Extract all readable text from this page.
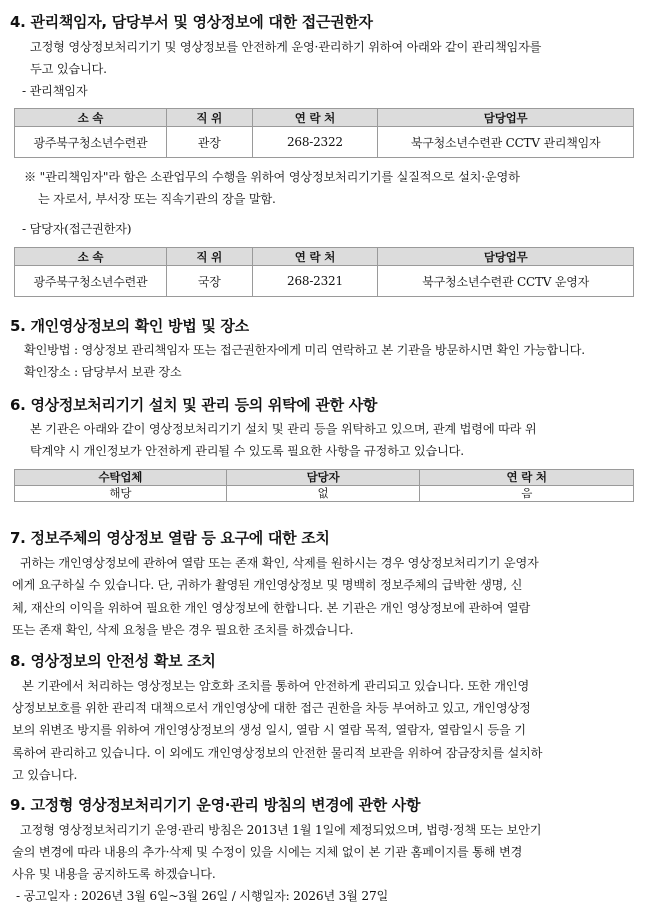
4. 관리책임자, 담당부서 및 영상정보에 대한 접근권한자
고정형 영상정보처리기기 및 영상정보를 안전하게 운영·관리하기 위하여 아래와 같이 관리책임자를
두고 있습니다.
- 관리책임자
소 속	직 위	연 락 처	담당업무
광주북구청소년수련관	관장	268-2322	북구청소년수련관 CCTV 관리책임자
※ "관리책임자"라 함은 소관업무의 수행을 위하여 영상정보처리기기를 실질적으로 설치·운영하
는 자로서, 부서장 또는 직속기관의 장을 말함.
- 담당자(접근권한자)
소 속	직 위	연 락 처	담당업무
광주북구청소년수련관	국장	268-2321	북구청소년수련관 CCTV 운영자
5. 개인영상정보의 확인 방법 및 장소
확인방법 : 영상정보 관리책임자 또는 접근권한자에게 미리 연락하고 본 기관을 방문하시면 확인 가능합니다.
확인장소 : 담당부서 보관 장소
6. 영상정보처리기기 설치 및 관리 등의 위탁에 관한 사항
본 기관은 아래와 같이 영상정보처리기기 설치 및 관리 등을 위탁하고 있으며, 관계 법령에 따라 위
탁계약 시 개인정보가 안전하게 관리될 수 있도록 필요한 사항을 규정하고 있습니다.
수탁업체	담당자	연 락 처
해당	없	음
7. 정보주체의 영상정보 열람 등 요구에 대한 조치
귀하는 개인영상정보에 관하여 열람 또는 존재 확인, 삭제를 원하시는 경우 영상정보처리기기 운영자
에게 요구하실 수 있습니다. 단, 귀하가 촬영된 개인영상정보 및 명백히 정보주체의 급박한 생명, 신
체, 재산의 이익을 위하여 필요한 개인 영상정보에 한합니다. 본 기관은 개인 영상정보에 관하여 열람
또는 존재 확인, 삭제 요청을 받은 경우 필요한 조치를 하겠습니다.
8. 영상정보의 안전성 확보 조치
본 기관에서 처리하는 영상정보는 암호화 조치를 통하여 안전하게 관리되고 있습니다. 또한 개인영
상정보보호를 위한 관리적 대책으로서 개인영상에 대한 접근 권한을 차등 부여하고 있고, 개인영상정
보의 위변조 방지를 위하여 개인영상정보의 생성 일시, 열람 시 열람 목적, 열람자, 열람일시 등을 기
록하여 관리하고 있습니다. 이 외에도 개인영상정보의 안전한 물리적 보관을 위하여 잠금장치를 설치하
고 있습니다.
9. 고정형 영상정보처리기기 운영·관리 방침의 변경에 관한 사항
고정형 영상정보처리기기 운영·관리 방침은 2013년 1월 1일에 제정되었으며, 법령·정책 또는 보안기
술의 변경에 따라 내용의 추가·삭제 및 수정이 있을 시에는 지체 없이 본 기관 홈페이지를 통해 변경
사유 및 내용을 공지하도록 하겠습니다.
- 공고일자 : 2026년 3월 6일~3월 26일 / 시행일자: 2026년 3월 27일
